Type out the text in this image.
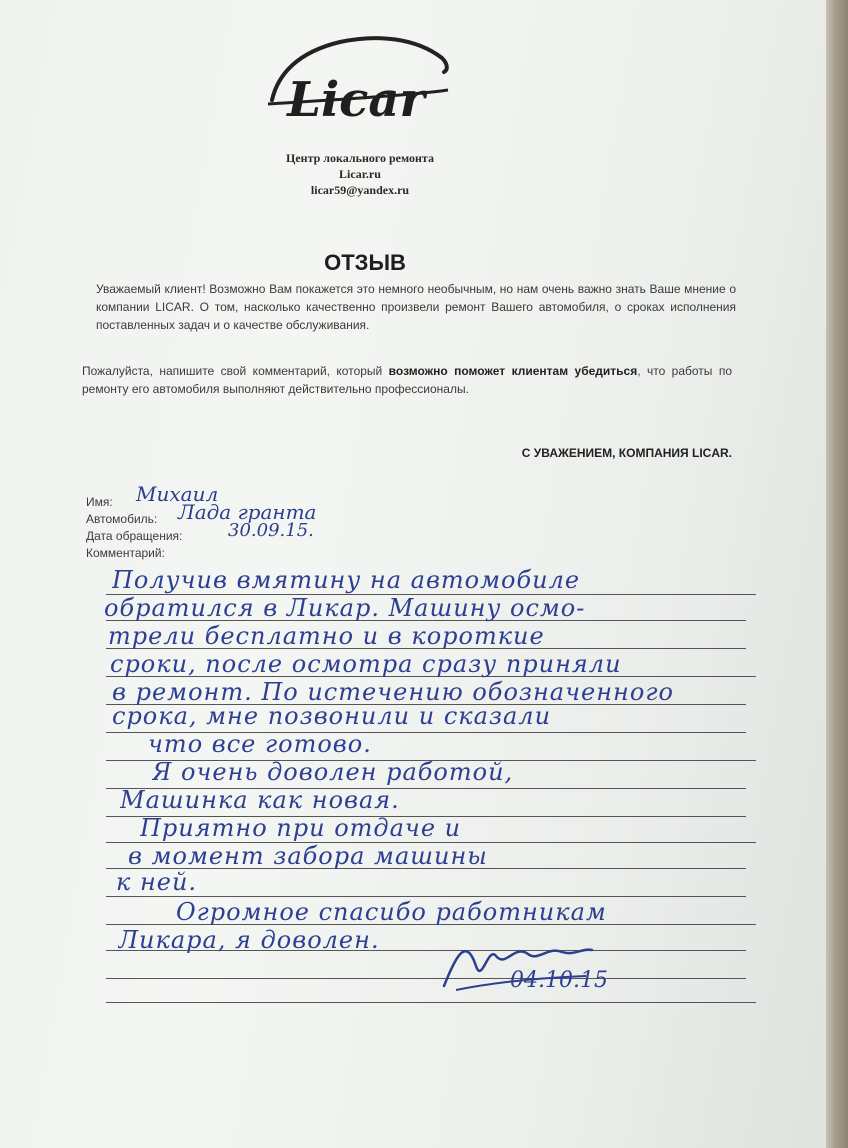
Licar
Центр локального ремонта
Licar.ru
licar59@yandex.ru
ОТЗЫВ
Уважаемый клиент! Возможно Вам покажется это немного необычным, но нам очень важно знать Ваше мнение о компании LICAR. О том, насколько качественно произвели ремонт Вашего автомобиля, о сроках исполнения поставленных задач и о качестве обслуживания.
Пожалуйста, напишите свой комментарий, который возможно поможет клиентам убедиться, что работы по ремонту его автомобиля выполняют действительно профессионалы.
С УВАЖЕНИЕМ, КОМПАНИЯ LICAR.
Имя:
Автомобиль:
Дата обращения:
Комментарий:
Михаил
Лада гранта
30.09.15.
Получив вмятину на автомобиле
обратился в Ликар. Машину осмо-
трели бесплатно и в короткие
сроки, после осмотра сразу приняли
в ремонт. По истечению обозначенного
срока, мне позвонили и сказали
что все готово.
Я очень доволен работой,
Машинка как новая.
Приятно при отдаче и
в момент забора машины
к ней.
Огромное спасибо работникам
Ликара, я доволен.
04.10.15
